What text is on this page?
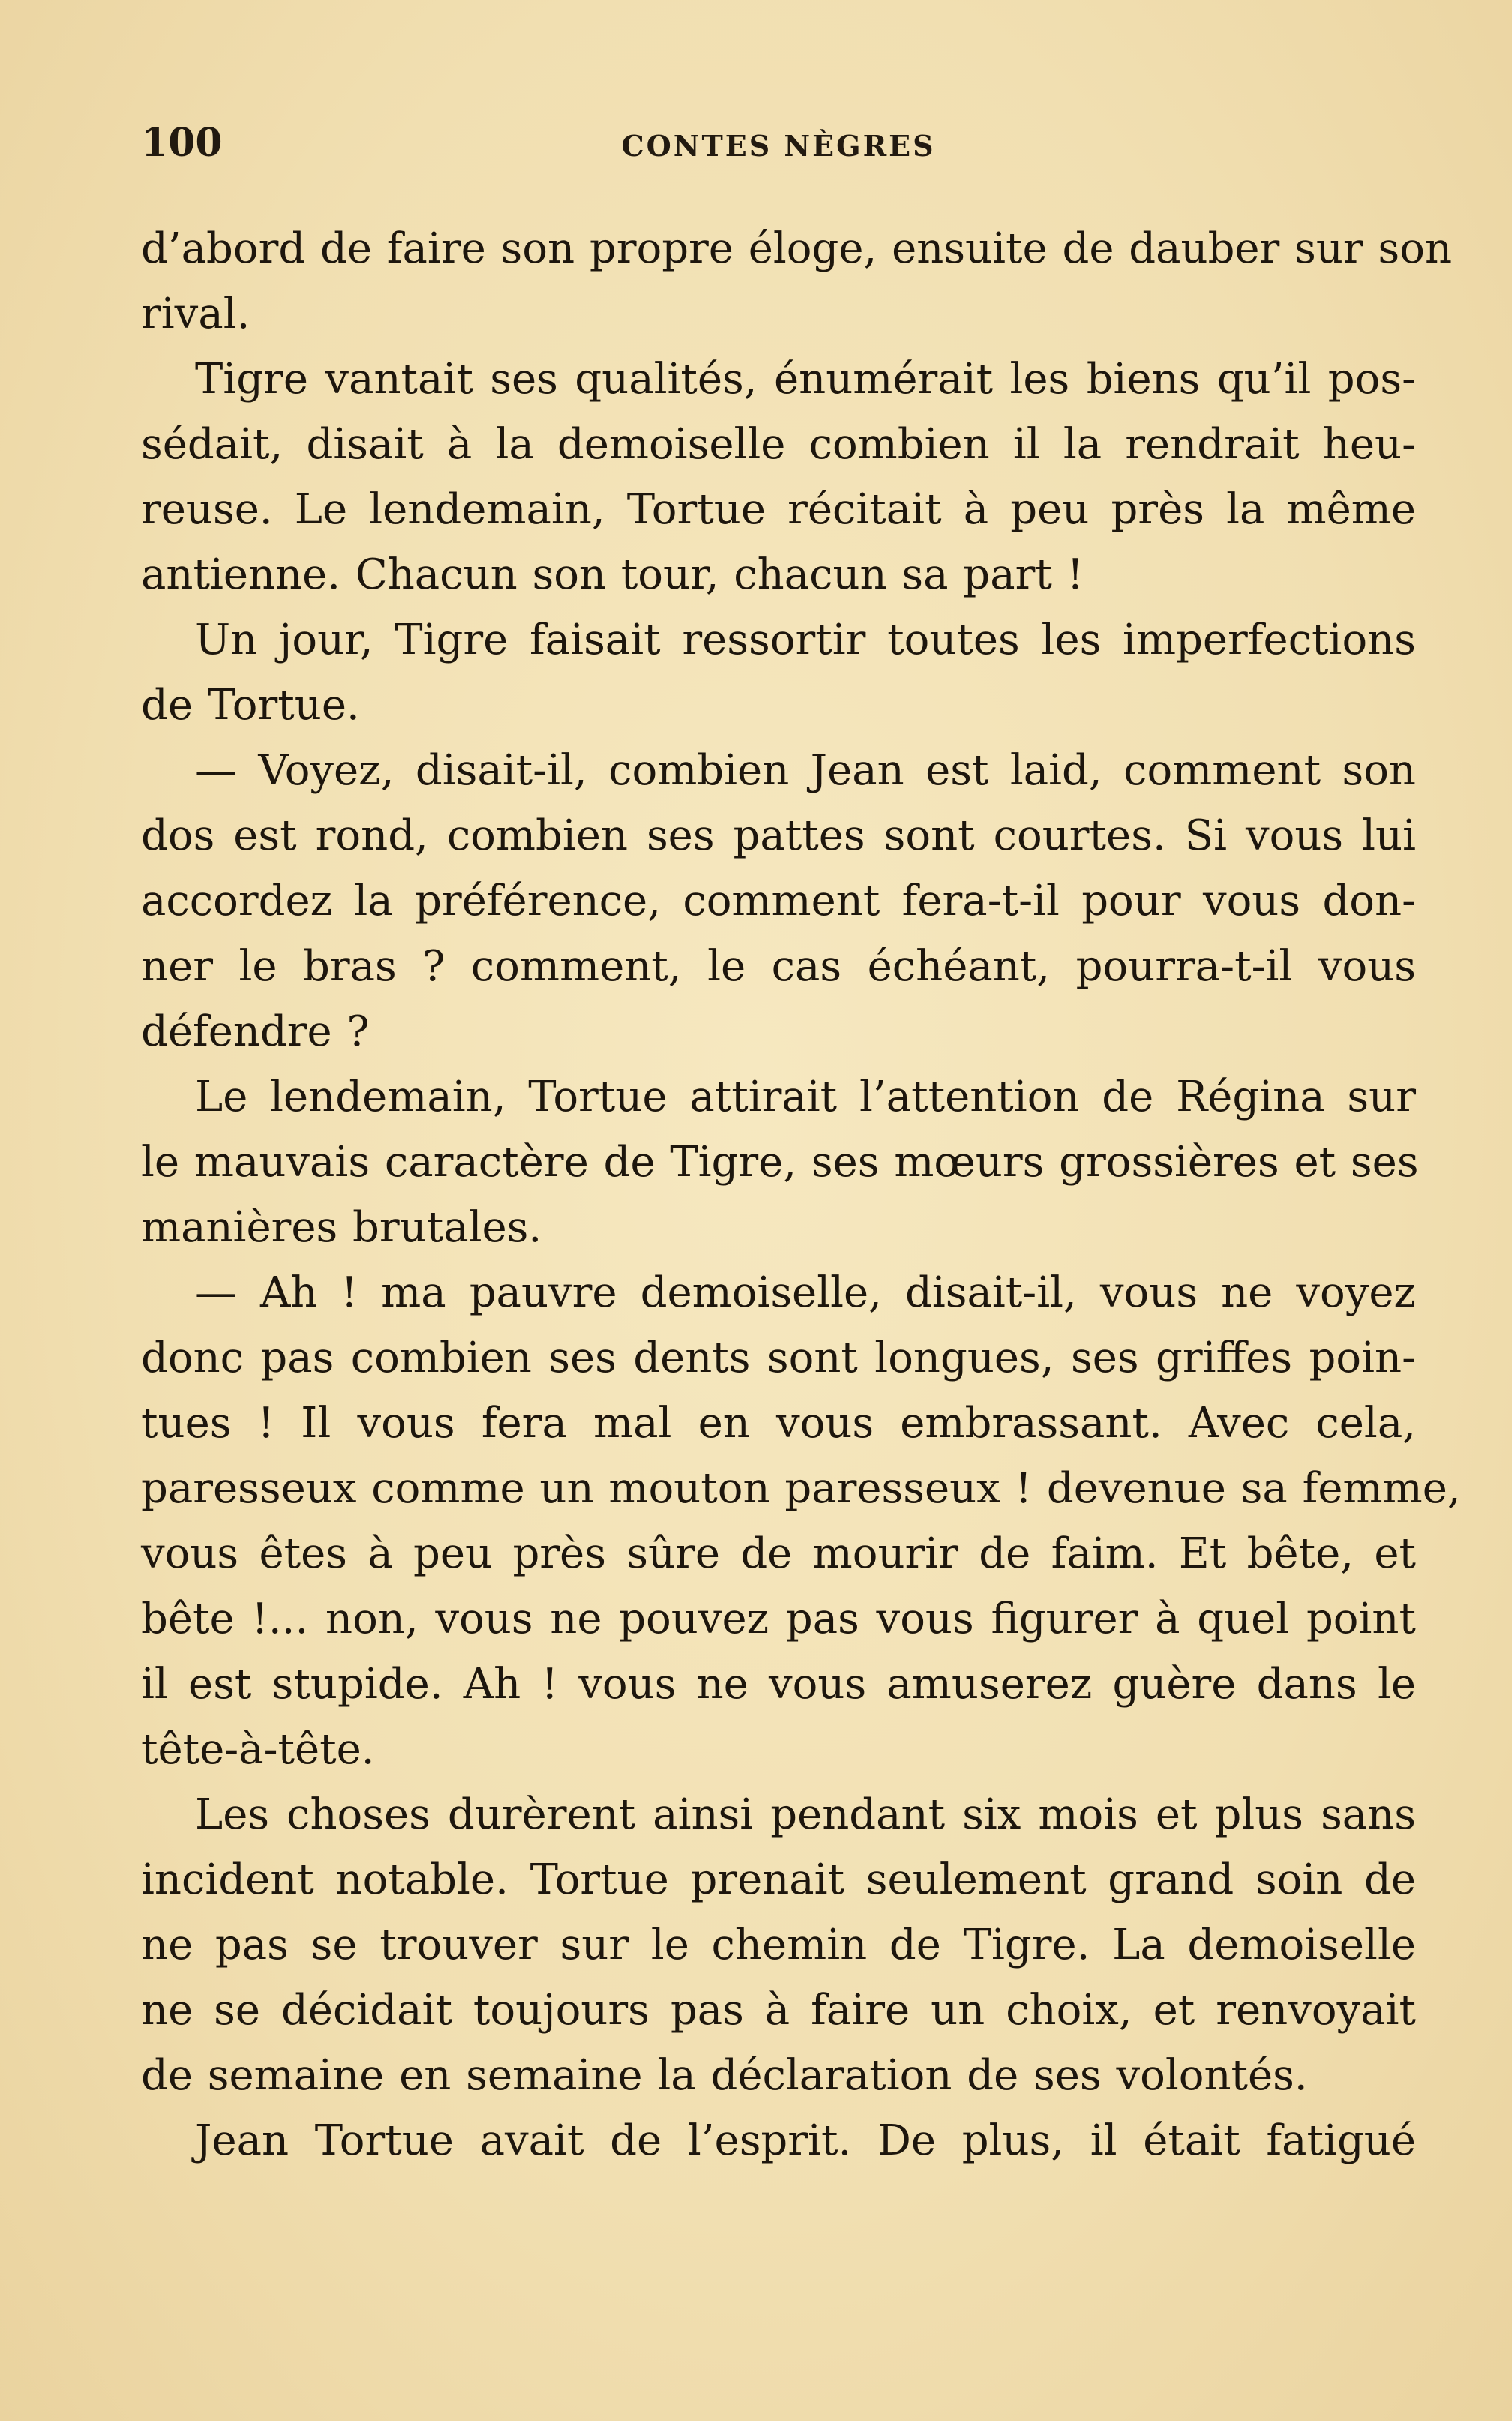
100	CONTES NÈGRES
d’abord de faire son propre éloge, ensuite de dauber sur son
rival.
Tigre vantait ses qualités, énumérait les biens qu’il pos-
sédait, disait à la demoiselle combien il la rendrait heu-
reuse. Le lendemain, Tortue récitait à peu près la même
antienne. Chacun son tour, chacun sa part !
Un jour, Tigre faisait ressortir toutes les imperfections
de Tortue.
— Voyez, disait-il, combien Jean est laid, comment son
dos est rond, combien ses pattes sont courtes. Si vous lui
accordez la préférence, comment fera-t-il pour vous don-
ner le bras ? comment, le cas échéant, pourra-t-il vous
défendre ?
Le lendemain, Tortue attirait l’attention de Régina sur
le mauvais caractère de Tigre, ses mœurs grossières et ses
manières brutales.
— Ah ! ma pauvre demoiselle, disait-il, vous ne voyez
donc pas combien ses dents sont longues, ses griffes poin-
tues ! Il vous fera mal en vous embrassant. Avec cela,
paresseux comme un mouton paresseux ! devenue sa femme,
vous êtes à peu près sûre de mourir de faim. Et bête, et
bête !... non, vous ne pouvez pas vous figurer à quel point
il est stupide. Ah ! vous ne vous amuserez guère dans le
tête-à-tête.
Les choses durèrent ainsi pendant six mois et plus sans
incident notable. Tortue prenait seulement grand soin de
ne pas se trouver sur le chemin de Tigre. La demoiselle
ne se décidait toujours pas à faire un choix, et renvoyait
de semaine en semaine la déclaration de ses volontés.
Jean Tortue avait de l’esprit. De plus, il était fatigué
